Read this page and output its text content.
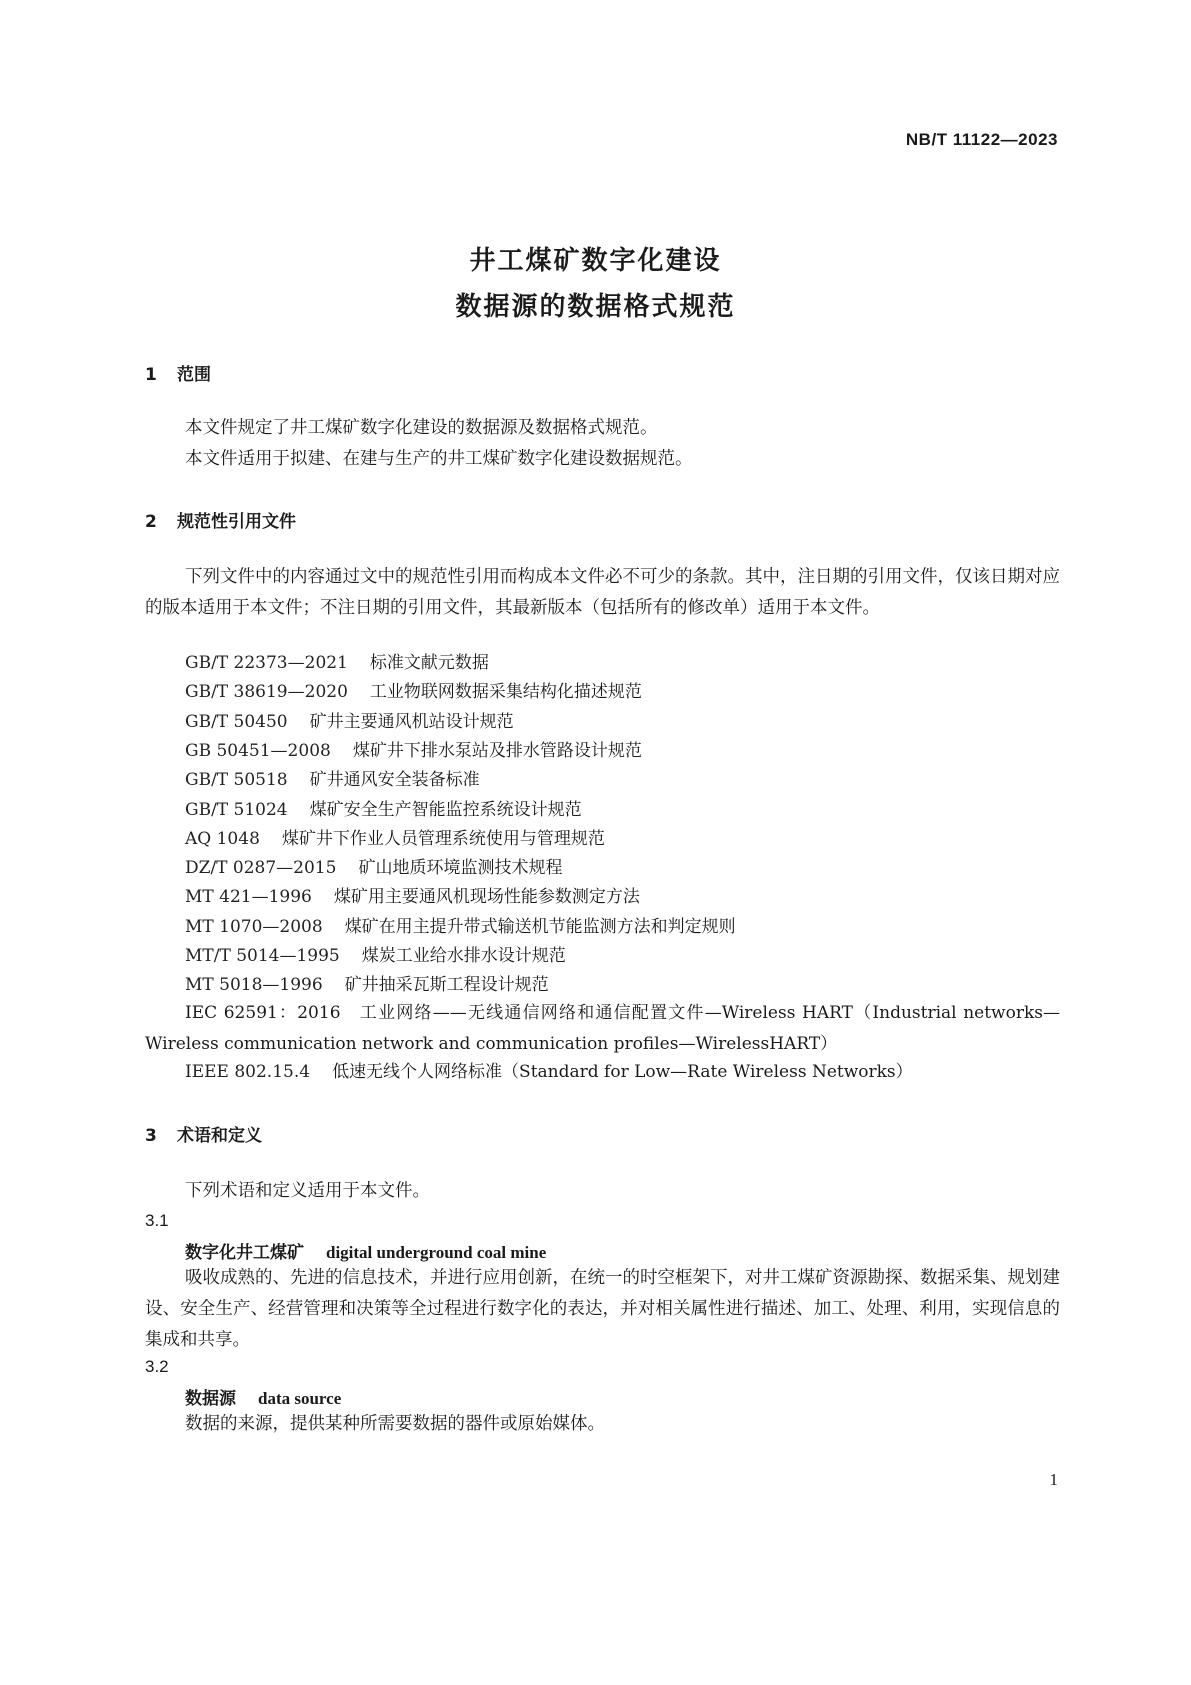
NB/T 11122—2023
井工煤矿数字化建设
数据源的数据格式规范
1 范围
本文件规定了井工煤矿数字化建设的数据源及数据格式规范。
本文件适用于拟建、在建与生产的井工煤矿数字化建设数据规范。
2 规范性引用文件
下列文件中的内容通过文中的规范性引用而构成本文件必不可少的条款。其中，注日期的引用文件，仅该日期对应的版本适用于本文件；不注日期的引用文件，其最新版本（包括所有的修改单）适用于本文件。
GB/T 22373—2021 标准文献元数据
GB/T 38619—2020 工业物联网数据采集结构化描述规范
GB/T 50450 矿井主要通风机站设计规范
GB 50451—2008 煤矿井下排水泵站及排水管路设计规范
GB/T 50518 矿井通风安全装备标准
GB/T 51024 煤矿安全生产智能监控系统设计规范
AQ 1048 煤矿井下作业人员管理系统使用与管理规范
DZ/T 0287—2015 矿山地质环境监测技术规程
MT 421—1996 煤矿用主要通风机现场性能参数测定方法
MT 1070—2008 煤矿在用主提升带式输送机节能监测方法和判定规则
MT/T 5014—1995 煤炭工业给水排水设计规范
MT 5018—1996 矿井抽采瓦斯工程设计规范
IEC 62591：2016　工业网络——无线通信网络和通信配置文件—Wireless HART（Industrial networks—Wireless communication network and communication profiles—WirelessHART）
IEEE 802.15.4 低速无线个人网络标准（Standard for Low—Rate Wireless Networks）
3 术语和定义
下列术语和定义适用于本文件。
3.1
数字化井工煤矿 digital underground coal mine
吸收成熟的、先进的信息技术，并进行应用创新，在统一的时空框架下，对井工煤矿资源勘探、数据采集、规划建设、安全生产、经营管理和决策等全过程进行数字化的表达，并对相关属性进行描述、加工、处理、利用，实现信息的集成和共享。
3.2
数据源 data source
数据的来源，提供某种所需要数据的器件或原始媒体。
1
